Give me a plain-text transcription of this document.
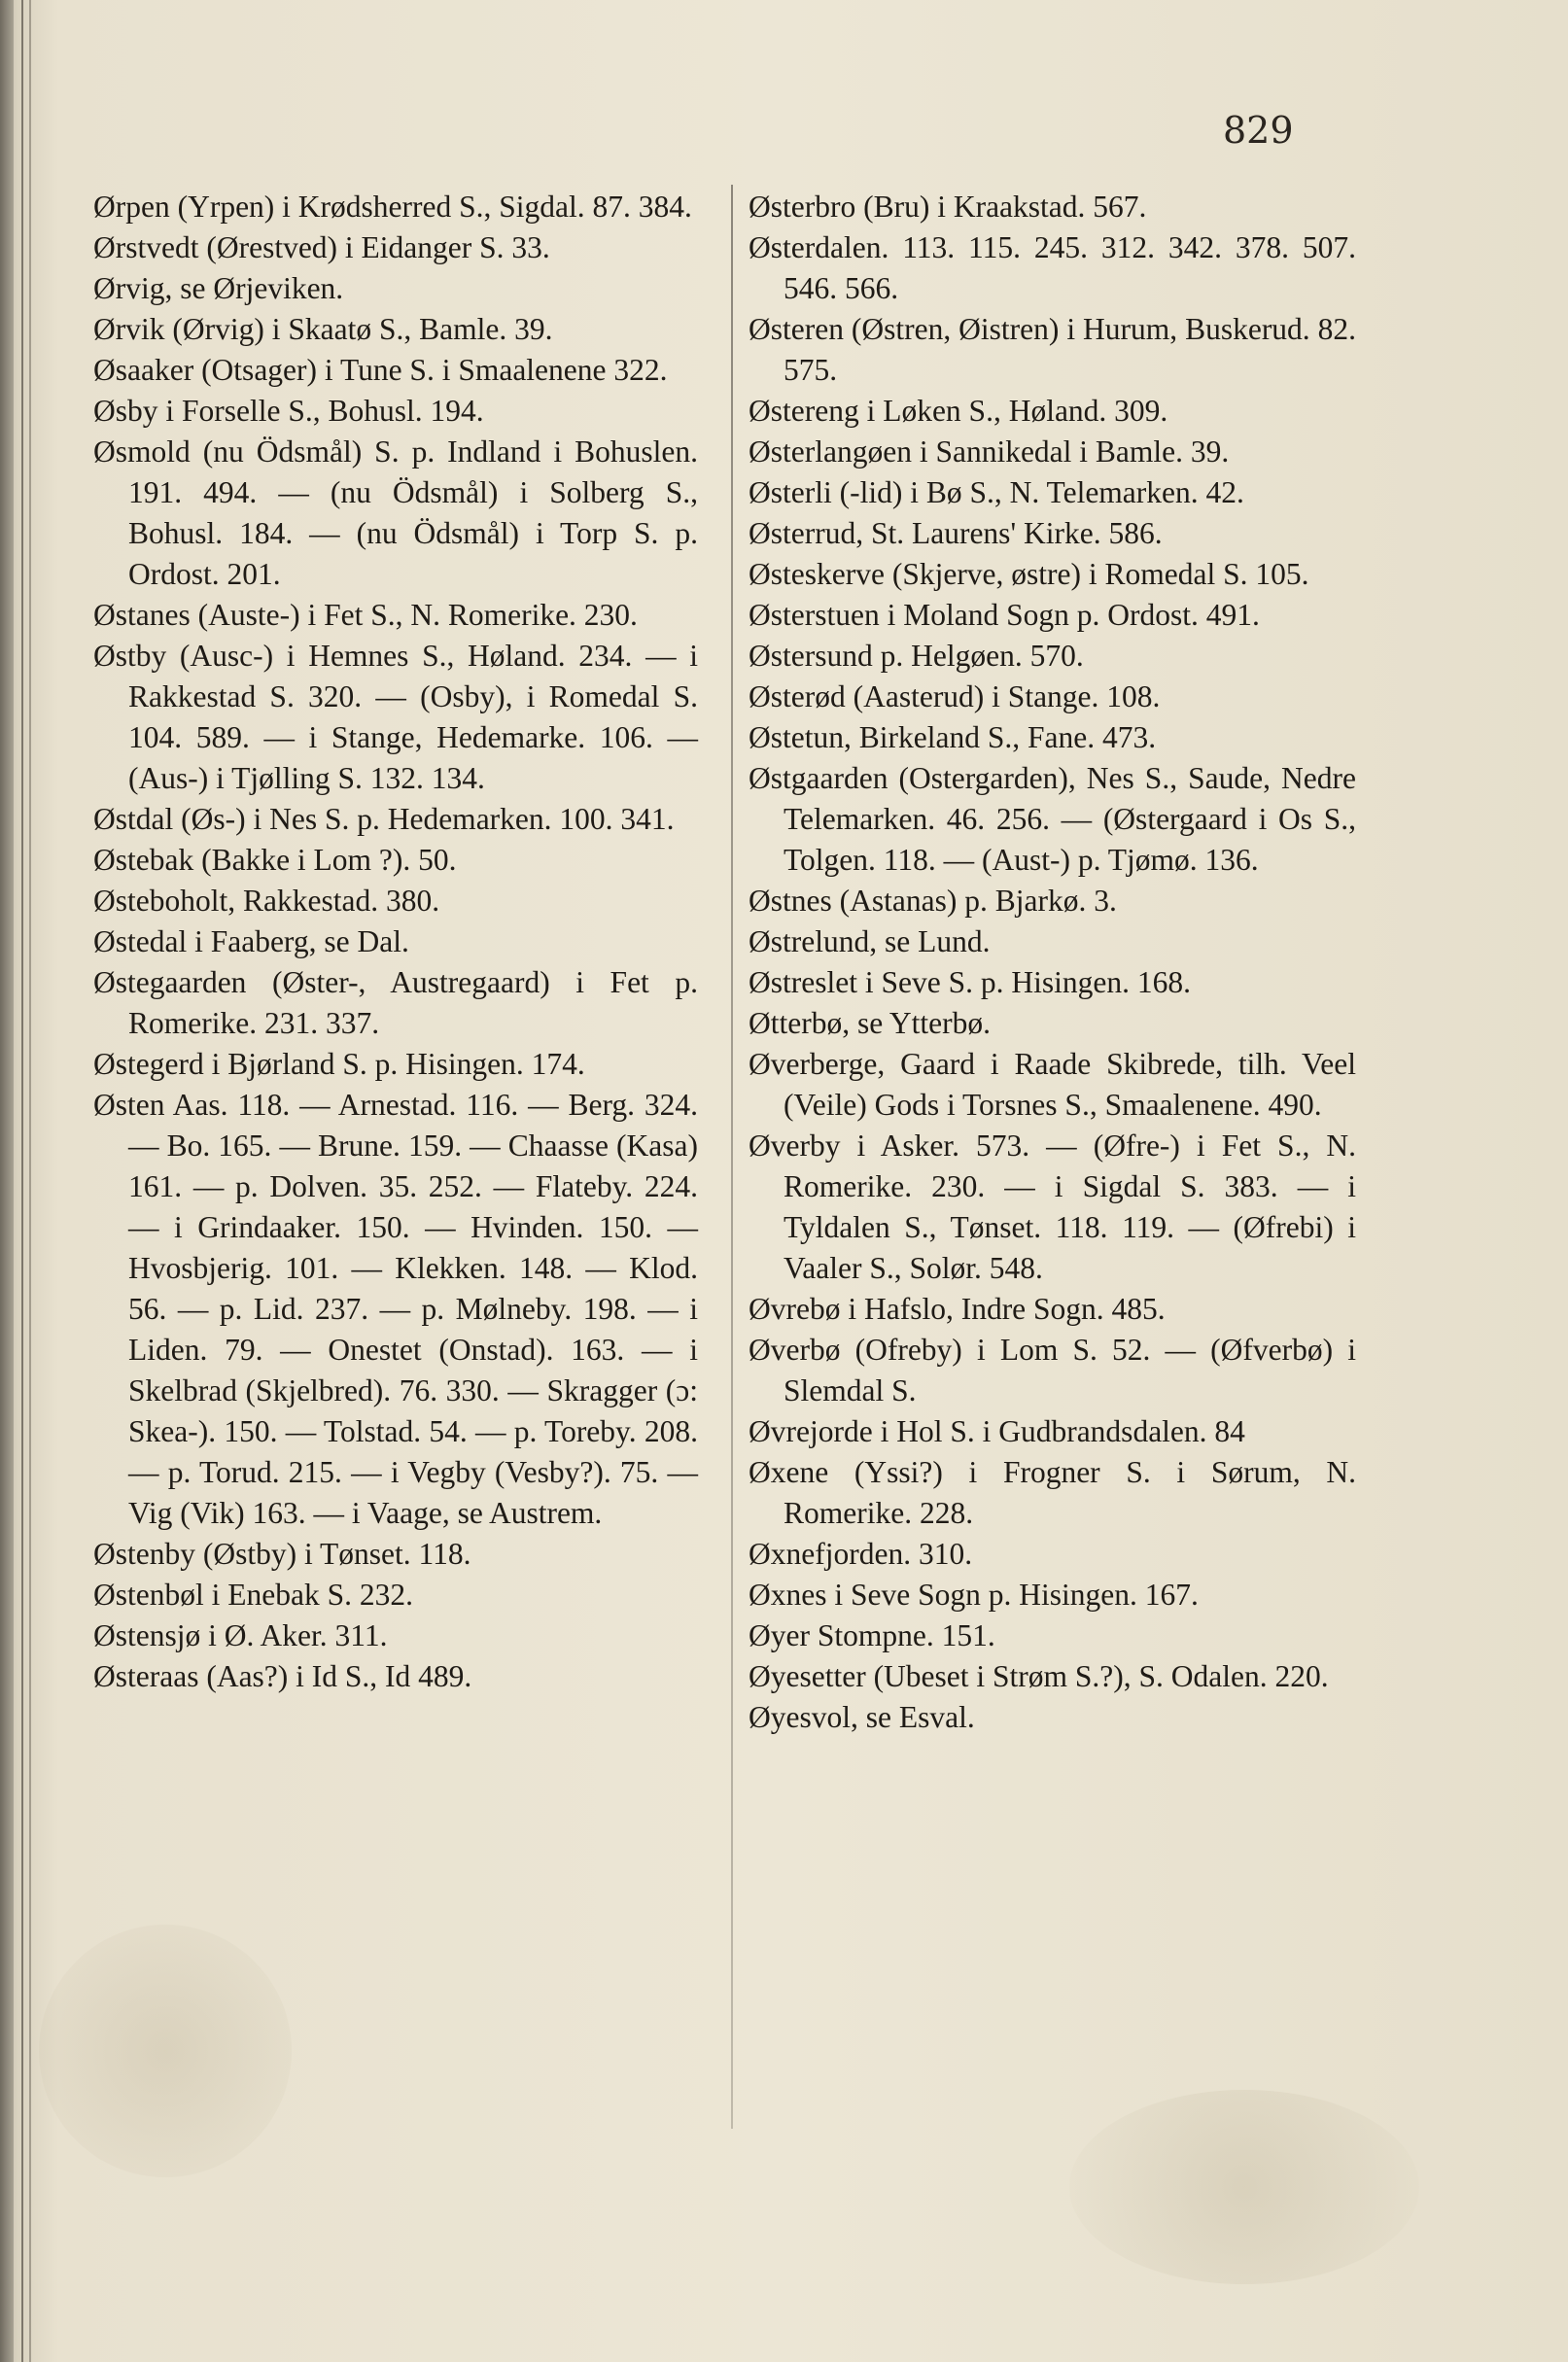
829
Ørpen (Yrpen) i Krødsherred S., Sigdal. 87. 384.
Ørstvedt (Ørestved) i Eidanger S. 33.
Ørvig, se Ørjeviken.
Ørvik (Ørvig) i Skaatø S., Bamle. 39.
Øsaaker (Otsager) i Tune S. i Smaalenene 322.
Øsby i Forselle S., Bohusl. 194.
Øsmold (nu Ödsmål) S. p. Indland i Bohuslen. 191. 494. — (nu Ödsmål) i Solberg S., Bohusl. 184. — (nu Ödsmål) i Torp S. p. Ordost. 201.
Østanes (Auste-) i Fet S., N. Romerike. 230.
Østby (Ausc-) i Hemnes S., Høland. 234. — i Rakkestad S. 320. — (Osby), i Romedal S. 104. 589. — i Stange, Hedemarke. 106. — (Aus-) i Tjølling S. 132. 134.
Østdal (Øs-) i Nes S. p. Hedemarken. 100. 341.
Østebak (Bakke i Lom ?). 50.
Østeboholt, Rakkestad. 380.
Østedal i Faaberg, se Dal.
Østegaarden (Øster-, Austregaard) i Fet p. Romerike. 231. 337.
Østegerd i Bjørland S. p. Hisingen. 174.
Østen Aas. 118. — Arnestad. 116. — Berg. 324. — Bo. 165. — Brune. 159. — Chaasse (Kasa) 161. — p. Dolven. 35. 252. — Flateby. 224. — i Grindaaker. 150. — Hvinden. 150. — Hvosbjerig. 101. — Klekken. 148. — Klod. 56. — p. Lid. 237. — p. Mølneby. 198. — i Liden. 79. — Onestet (Onstad). 163. — i Skelbrad (Skjelbred). 76. 330. — Skragger (ɔ: Skea-). 150. — Tolstad. 54. — p. Toreby. 208. — p. Torud. 215. — i Vegby (Vesby?). 75. — Vig (Vik) 163. — i Vaage, se Austrem.
Østenby (Østby) i Tønset. 118.
Østenbøl i Enebak S. 232.
Østensjø i Ø. Aker. 311.
Østeraas (Aas?) i Id S., Id 489.
Østerbro (Bru) i Kraakstad. 567.
Østerdalen. 113. 115. 245. 312. 342. 378. 507. 546. 566.
Østeren (Østren, Øistren) i Hurum, Buskerud. 82. 575.
Østereng i Løken S., Høland. 309.
Østerlangøen i Sannikedal i Bamle. 39.
Østerli (-lid) i Bø S., N. Telemarken. 42.
Østerrud, St. Laurens' Kirke. 586.
Østeskerve (Skjerve, østre) i Romedal S. 105.
Østerstuen i Moland Sogn p. Ordost. 491.
Østersund p. Helgøen. 570.
Østerød (Aasterud) i Stange. 108.
Østetun, Birkeland S., Fane. 473.
Østgaarden (Ostergarden), Nes S., Saude, Nedre Telemarken. 46. 256. — (Østergaard i Os S., Tolgen. 118. — (Aust-) p. Tjømø. 136.
Østnes (Astanas) p. Bjarkø. 3.
Østrelund, se Lund.
Østreslet i Seve S. p. Hisingen. 168.
Øtterbø, se Ytterbø.
Øverberge, Gaard i Raade Skibrede, tilh. Veel (Veile) Gods i Torsnes S., Smaalenene. 490.
Øverby i Asker. 573. — (Øfre-) i Fet S., N. Romerike. 230. — i Sigdal S. 383. — i Tyldalen S., Tønset. 118. 119. — (Øfrebi) i Vaaler S., Solør. 548.
Øvrebø i Hafslo, Indre Sogn. 485.
Øverbø (Ofreby) i Lom S. 52. — (Øfverbø) i Slemdal S.
Øvrejorde i Hol S. i Gudbrandsdalen. 84
Øxene (Yssi?) i Frogner S. i Sørum, N. Romerike. 228.
Øxnefjorden. 310.
Øxnes i Seve Sogn p. Hisingen. 167.
Øyer Stompne. 151.
Øyesetter (Ubeset i Strøm S.?), S. Odalen. 220.
Øyesvol, se Esval.
